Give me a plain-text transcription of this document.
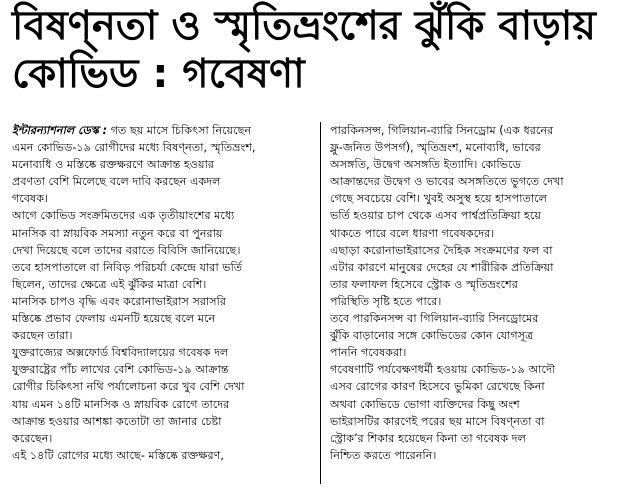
বিষণ্নতা ও স্মৃতিভ্রংশের ঝুঁকি বাড়ায়
কোভিড : গবেষণা
ইন্টারন্যাশনাল ডেস্ক : গত ছয় মাসে চিকিৎসা নিয়েছেন
এমন কোভিড-১৯ রোগীদের মধ্যে বিষণ্নতা, স্মৃতিভ্রংশ,
মনোব্যধি ও মস্তিষ্কে রক্তক্ষরণে আক্রান্ত হওয়ার
প্রবণতা বেশি মিলেছে বলে দাবি করছেন একদল
গবেষক।
আগে কোভিড সংক্রমিতদের এক তৃতীয়াংশের মধ্যে
মানসিক বা স্নায়বিক সমস্যা নতুন করে বা পুনরায়
দেখা দিয়েছে বলে তাদের বরাতে বিবিসি জানিয়েছে।
তবে হাসপাতালে বা নিবিড় পরিচর্যা কেন্দ্রে যারা ভর্তি
ছিলেন, তাদের ক্ষেত্রে এই ঝুঁকির মাত্রা বেশি।
মানসিক চাপও বৃদ্ধি এবং করোনাভাইরাস সরাসরি
মস্তিষ্কে প্রভাব ফেলায় এমনটি হয়েছে বলে মনে
করছেন তারা।
যুক্তরাজ্যের অক্সফোর্ড বিশ্ববিদ্যালয়ের গবেষক দল
যুক্তরাষ্ট্রের পাঁচ লাখের বেশি কোভিড-১৯ আক্রান্ত
রোগীর চিকিৎসা নথি পর্যালোচনা করে খুব বেশি দেখা
যায় এমন ১৪টি মানসিক ও স্নায়বিক রোগে তাদের
আক্রান্ত হওয়ার আশঙ্কা কতোটা তা জানার চেষ্টা
করেছেন।
এই ১৪টি রোগের মধ্যে আছে- মস্তিষ্কে রক্তক্ষরণ,
পারকিনসন্স, গিলিয়ান-ব্যারি সিনড্রোম (এক ধরনের
ফ্লু-জনিত উপসর্গ), স্মৃতিভ্রংশ, মনোব্যধি, ভাবের
অসঙ্গতি, উদ্বেগ অসঙ্গতি ইত্যাদি। কোভিডে
আক্রান্তদের উদ্বেগ ও ভাবের অসঙ্গতিতে ভুগতে দেখা
গেছে সবচেয়ে বেশি। খুবই অসুস্থ হয়ে হাসপাতালে
ভর্তি হওয়ার চাপ থেকে এসব পার্শ্বপ্রতিক্রিয়া হয়ে
থাকতে পারে বলে ধারণা গবেষকদের।
এছাড়া করোনাভাইরাসের দৈহিক সংক্রমণের ফল বা
এটার কারণে মানুষের দেহের যে শারীরিক প্রতিক্রিয়া
তার ফলাফল হিসেবে স্ট্রোক ও স্মৃতিভ্রংশের
পরিস্থিতি সৃষ্টি হতে পারে।
তবে পারকিনসন্স বা গিলিয়ান-ব্যারি সিনড্রোমের
ঝুঁকি বাড়ানোর সঙ্গে কোভিডের কোন যোগসূত্র
পাননি গবেষকরা।
গবেষণাটি পর্যবেক্ষণধর্মী হওয়ায় কোভিড-১৯ আদৌ
এসব রোগের কারণ হিসেবে ভুমিকা রেখেছে কিনা
অথবা কোভিডে ভোগা ব্যক্তিদের কিছু অংশ
ভাইরাসটির কারণেই পরের ছয় মাসে বিষণ্নতা বা
স্ট্রোক’র শিকার হয়েছেন কিনা তা গবেষক দল
নিশ্চিত করতে পারেননি।
